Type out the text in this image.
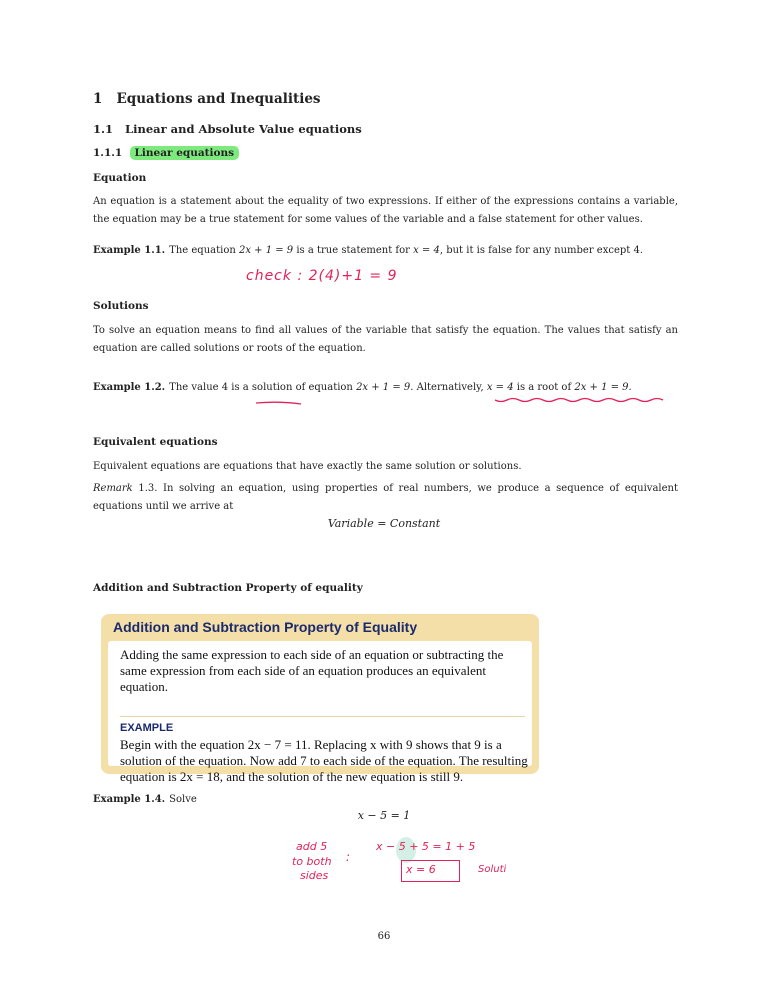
1 Equations and Inequalities
1.1 Linear and Absolute Value equations
1.1.1 Linear equations
Equation
An equation is a statement about the equality of two expressions. If either of the expressions contains a variable, the equation may be a true statement for some values of the variable and a false statement for other values.
Example 1.1. The equation 2x + 1 = 9 is a true statement for x = 4, but it is false for any number except 4.
check : 2(4)+1 = 9
Solutions
To solve an equation means to find all values of the variable that satisfy the equation. The values that satisfy an equation are called solutions or roots of the equation.
Example 1.2. The value 4 is a solution of equation 2x + 1 = 9. Alternatively, x = 4 is a root of 2x + 1 = 9.
Equivalent equations
Equivalent equations are equations that have exactly the same solution or solutions.
Remark 1.3. In solving an equation, using properties of real numbers, we produce a sequence of equivalent equations until we arrive at
Variable = Constant
Addition and Subtraction Property of equality
Addition and Subtraction Property of Equality
Adding the same expression to each side of an equation or subtracting the same expression from each side of an equation produces an equivalent equation.
EXAMPLE
Begin with the equation 2x − 7 = 11. Replacing x with 9 shows that 9 is a solution of the equation. Now add 7 to each side of the equation. The resulting equation is 2x = 18, and the solution of the new equation is still 9.
Example 1.4. Solve
x − 5 = 1
add 5
to both
sides
:
x − 5 + 5 = 1 + 5
x = 6	Soluti
66
